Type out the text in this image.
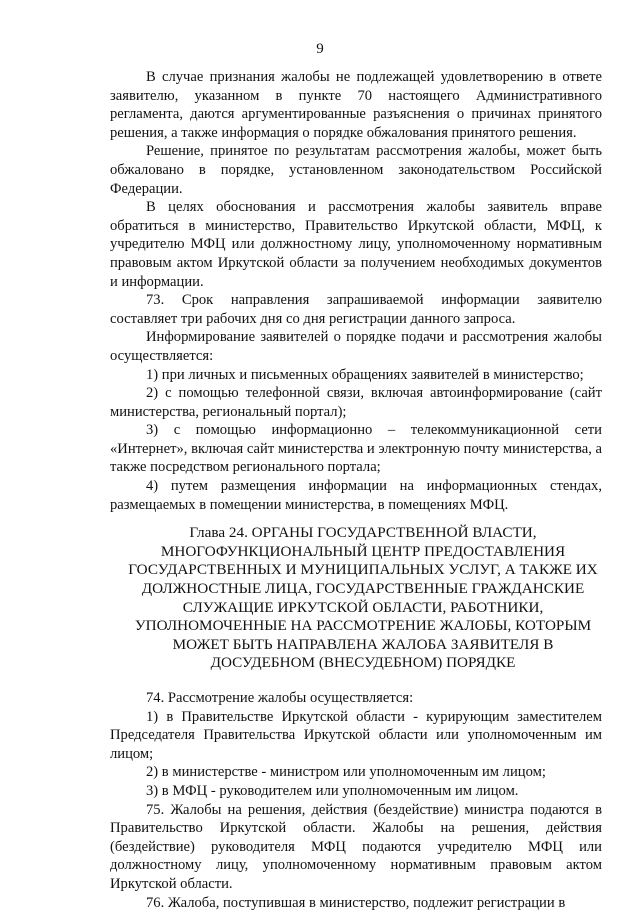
9

В случае признания жалобы не подлежащей удовлетворению в ответе заявителю, указанном в пункте 70 настоящего Административного регламента, даются аргументированные разъяснения о причинах принятого решения, а также информация о порядке обжалования принятого решения.

Решение, принятое по результатам рассмотрения жалобы, может быть обжаловано в порядке, установленном законодательством Российской Федерации.

В целях обоснования и рассмотрения жалобы заявитель вправе обратиться в министерство, Правительство Иркутской области, МФЦ, к учредителю МФЦ или должностному лицу, уполномоченному нормативным правовым актом Иркутской области за получением необходимых документов и информации.

73. Срок направления запрашиваемой информации заявителю составляет три рабочих дня со дня регистрации данного запроса.

Информирование заявителей о порядке подачи и рассмотрения жалобы осуществляется:

1) при личных и письменных обращениях заявителей в министерство;

2) с помощью телефонной связи, включая автоинформирование (сайт министерства, региональный портал);

3) с помощью информационно – телекоммуникационной сети «Интернет», включая сайт министерства и электронную почту министерства, а также посредством регионального портала;

4) путем размещения информации на информационных стендах, размещаемых в помещении министерства, в помещениях МФЦ.

Глава 24. ОРГАНЫ ГОСУДАРСТВЕННОЙ ВЛАСТИ, МНОГОФУНКЦИОНАЛЬНЫЙ ЦЕНТР ПРЕДОСТАВЛЕНИЯ ГОСУДАРСТВЕННЫХ И МУНИЦИПАЛЬНЫХ УСЛУГ, А ТАКЖЕ ИХ ДОЛЖНОСТНЫЕ ЛИЦА, ГОСУДАРСТВЕННЫЕ ГРАЖДАНСКИЕ СЛУЖАЩИЕ ИРКУТСКОЙ ОБЛАСТИ, РАБОТНИКИ, УПОЛНОМОЧЕННЫЕ НА РАССМОТРЕНИЕ ЖАЛОБЫ, КОТОРЫМ МОЖЕТ БЫТЬ НАПРАВЛЕНА ЖАЛОБА ЗАЯВИТЕЛЯ В ДОСУДЕБНОМ (ВНЕСУДЕБНОМ) ПОРЯДКЕ

74. Рассмотрение жалобы осуществляется:

1) в Правительстве Иркутской области - курирующим заместителем Председателя Правительства Иркутской области или уполномоченным им лицом;

2) в министерстве - министром или уполномоченным им лицом;

3) в МФЦ - руководителем или уполномоченным им лицом.

75. Жалобы на решения, действия (бездействие) министра подаются в Правительство Иркутской области. Жалобы на решения, действия (бездействие) руководителя МФЦ подаются учредителю МФЦ или должностному лицу, уполномоченному нормативным правовым актом Иркутской области.

76. Жалоба, поступившая в министерство, подлежит регистрации в
